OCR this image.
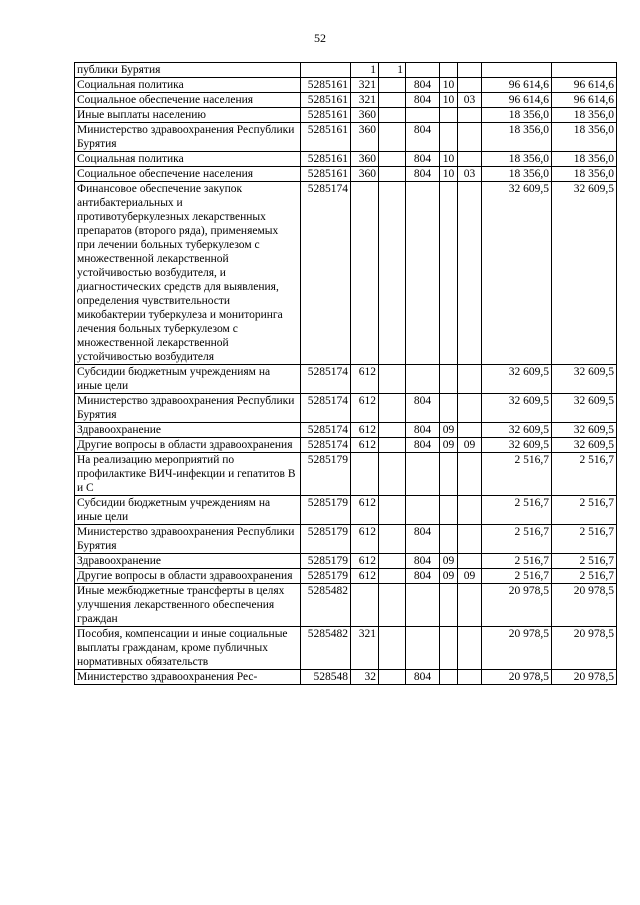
52
публики Бурятия		1	1					
Социальная политика	5285161	321		804	10		96 614,6	96 614,6
Социальное обеспечение населения	5285161	321		804	10	03	96 614,6	96 614,6
Иные выплаты населению	5285161	360					18 356,0	18 356,0
Министерство здравоохранения Республики Бурятия	5285161	360		804			18 356,0	18 356,0
Социальная политика	5285161	360		804	10		18 356,0	18 356,0
Социальное обеспечение населения	5285161	360		804	10	03	18 356,0	18 356,0
Финансовое обеспечение закупок антибактериальных и противотуберкулезных лекарственных препаратов (второго ряда), применяемых при лечении больных туберкулезом с множественной лекарственной устойчивостью возбудителя, и диагностических средств для выявления, определения чувствительности микобактерии туберкулеза и мониторинга лечения больных туберкулезом с множественной лекарственной устойчивостью возбудителя	5285174						32 609,5	32 609,5
Субсидии бюджетным учреждениям на иные цели	5285174	612					32 609,5	32 609,5
Министерство здравоохранения Республики Бурятия	5285174	612		804			32 609,5	32 609,5
Здравоохранение	5285174	612		804	09		32 609,5	32 609,5
Другие вопросы в области здравоохранения	5285174	612		804	09	09	32 609,5	32 609,5
На реализацию мероприятий по профилактике ВИЧ-инфекции и гепатитов В и С	5285179						2 516,7	2 516,7
Субсидии бюджетным учреждениям на иные цели	5285179	612					2 516,7	2 516,7
Министерство здравоохранения Республики Бурятия	5285179	612		804			2 516,7	2 516,7
Здравоохранение	5285179	612		804	09		2 516,7	2 516,7
Другие вопросы в области здравоохранения	5285179	612		804	09	09	2 516,7	2 516,7
Иные межбюджетные трансферты в целях улучшения лекарственного обеспечения граждан	5285482						20 978,5	20 978,5
Пособия, компенсации и иные социальные выплаты гражданам, кроме публичных нормативных обязательств	5285482	321					20 978,5	20 978,5
Министерство здравоохранения Рес-	528548	32		804			20 978,5	20 978,5
